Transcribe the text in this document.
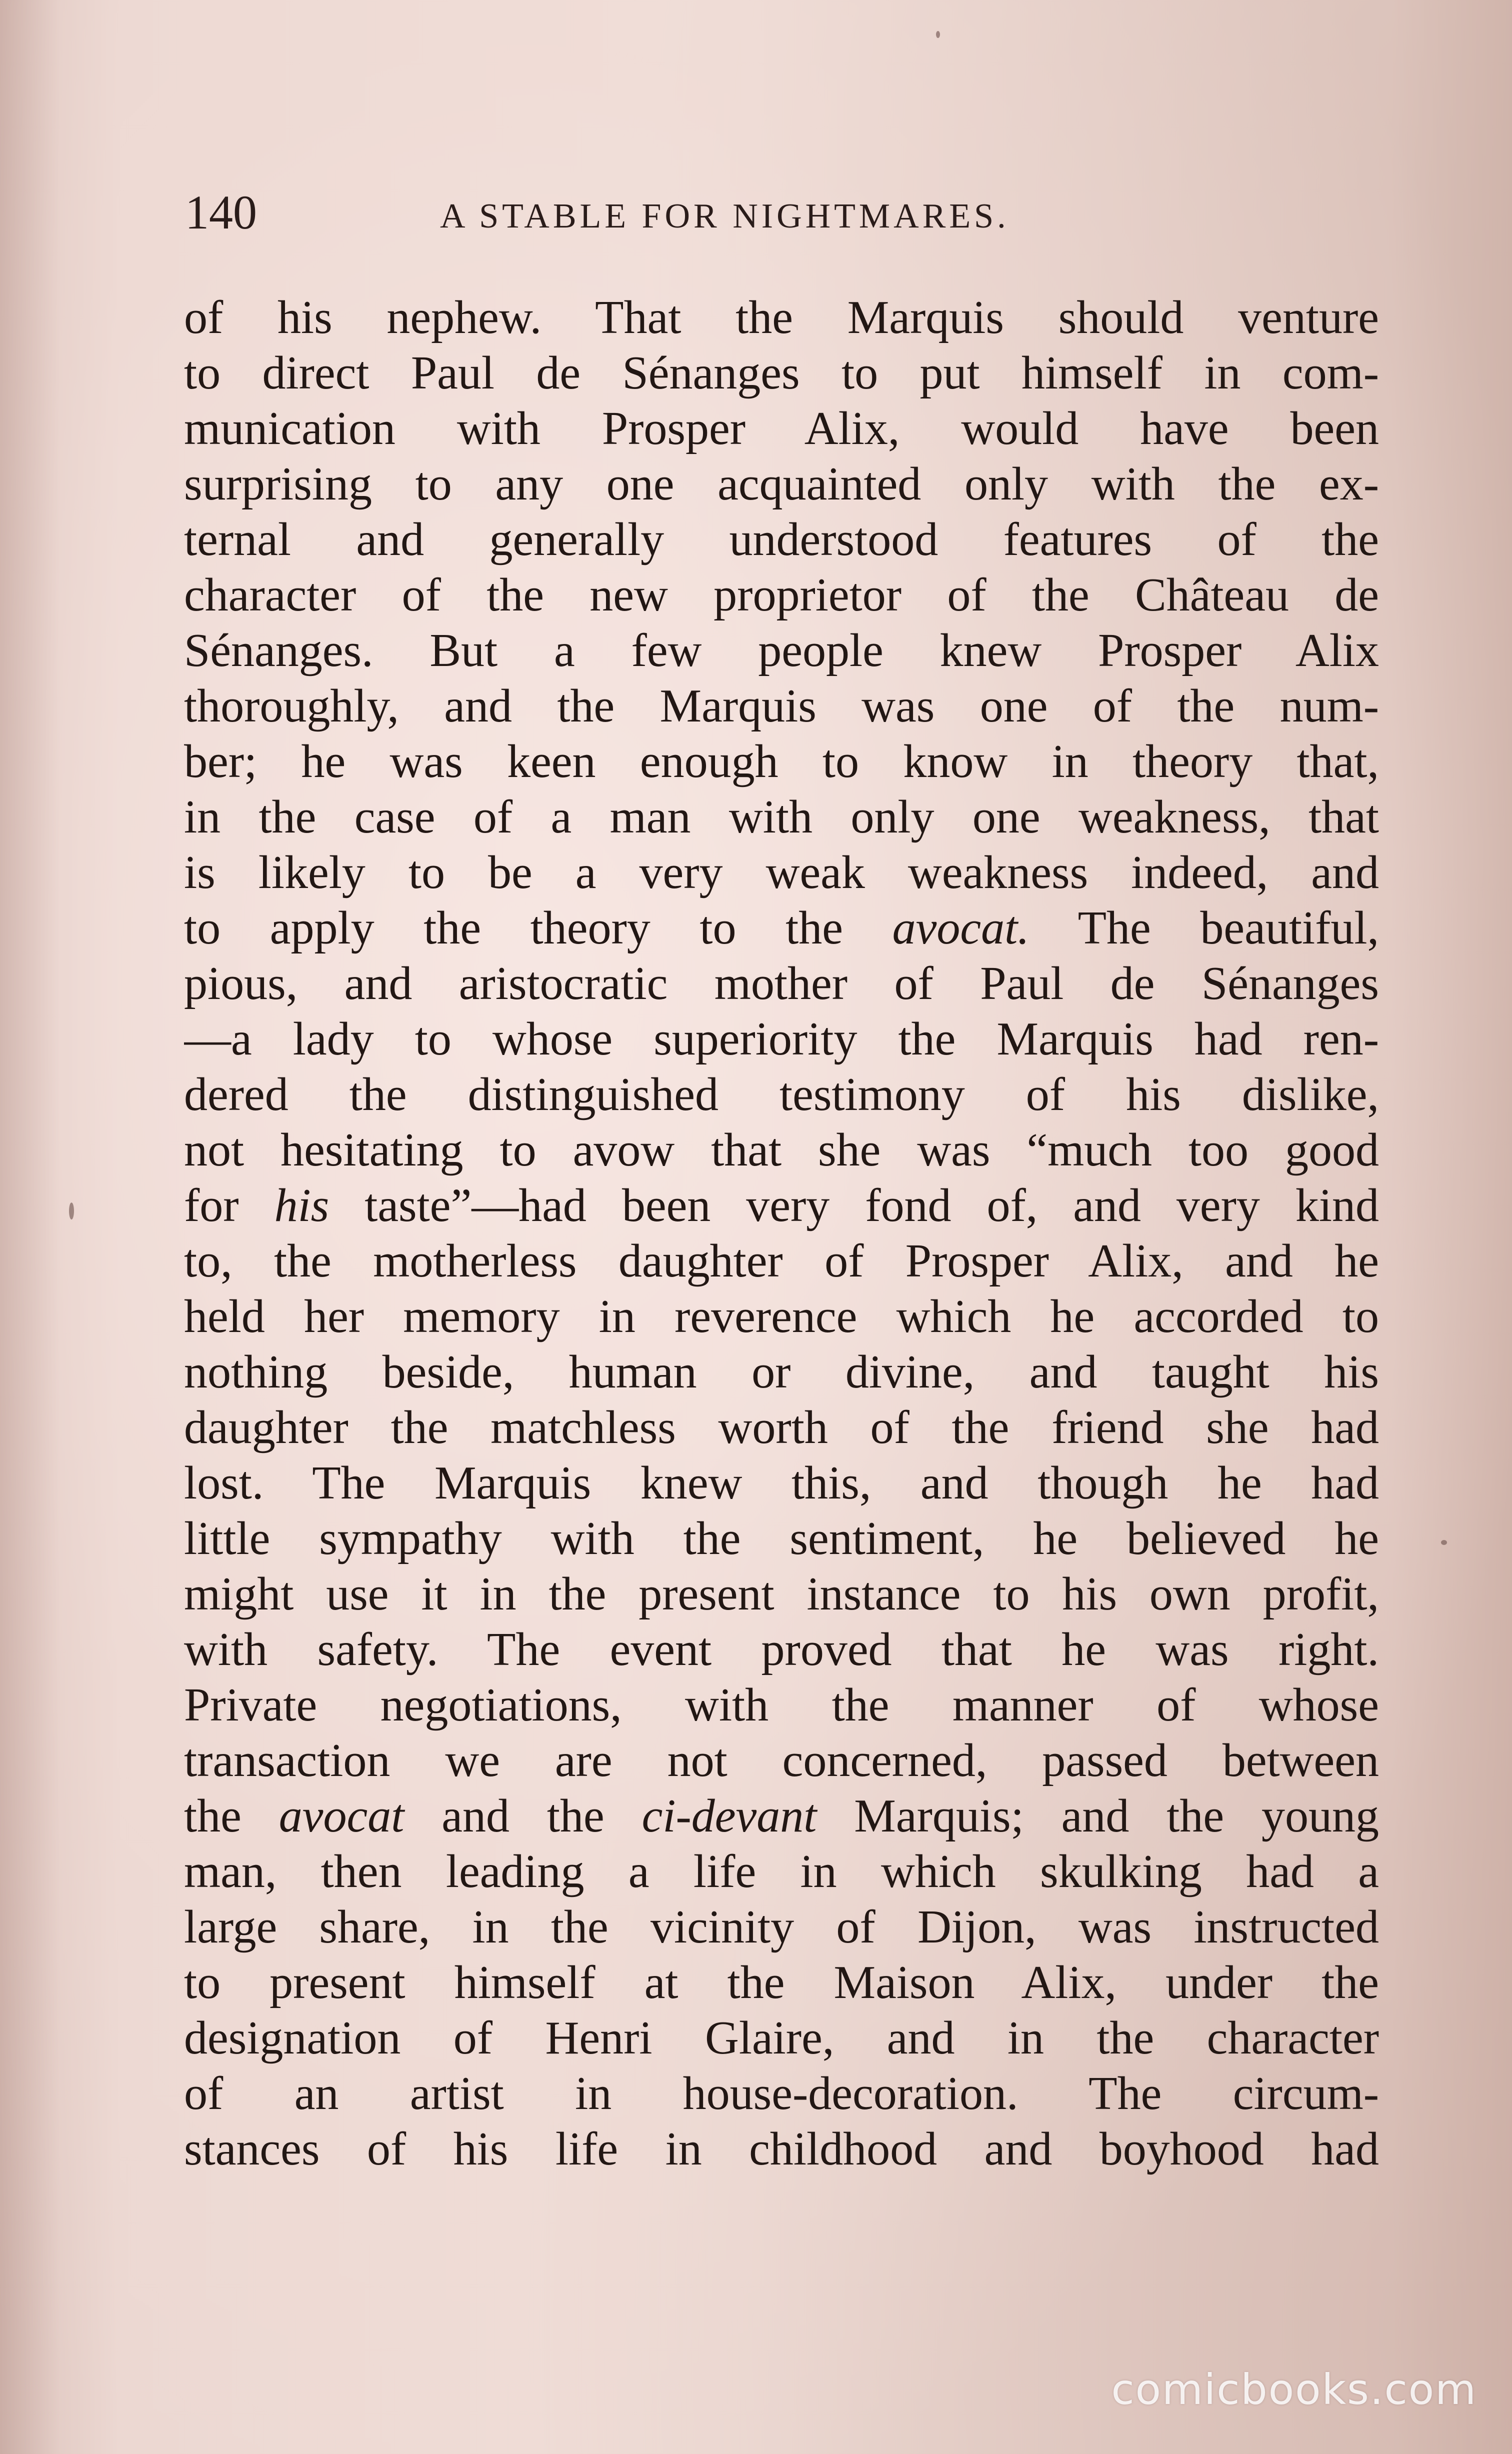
140	A STABLE FOR NIGHTMARES.
of his nephew. That the Marquis should venture
to direct Paul de Sénanges to put himself in com-
munication with Prosper Alix, would have been
surprising to any one acquainted only with the ex-
ternal and generally understood features of the
character of the new proprietor of the Château de
Sénanges. But a few people knew Prosper Alix
thoroughly, and the Marquis was one of the num-
ber; he was keen enough to know in theory that,
in the case of a man with only one weakness, that
is likely to be a very weak weakness indeed, and
to apply the theory to the avocat. The beautiful,
pious, and aristocratic mother of Paul de Sénanges
—a lady to whose superiority the Marquis had ren-
dered the distinguished testimony of his dislike,
not hesitating to avow that she was “much too good
for his taste”—had been very fond of, and very kind
to, the motherless daughter of Prosper Alix, and he
held her memory in reverence which he accorded to
nothing beside, human or divine, and taught his
daughter the matchless worth of the friend she had
lost. The Marquis knew this, and though he had
little sympathy with the sentiment, he believed he
might use it in the present instance to his own profit,
with safety. The event proved that he was right.
Private negotiations, with the manner of whose
transaction we are not concerned, passed between
the avocat and the ci-devant Marquis; and the young
man, then leading a life in which skulking had a
large share, in the vicinity of Dijon, was instructed
to present himself at the Maison Alix, under the
designation of Henri Glaire, and in the character
of an artist in house-decoration. The circum-
stances of his life in childhood and boyhood had
comicbooks.com
